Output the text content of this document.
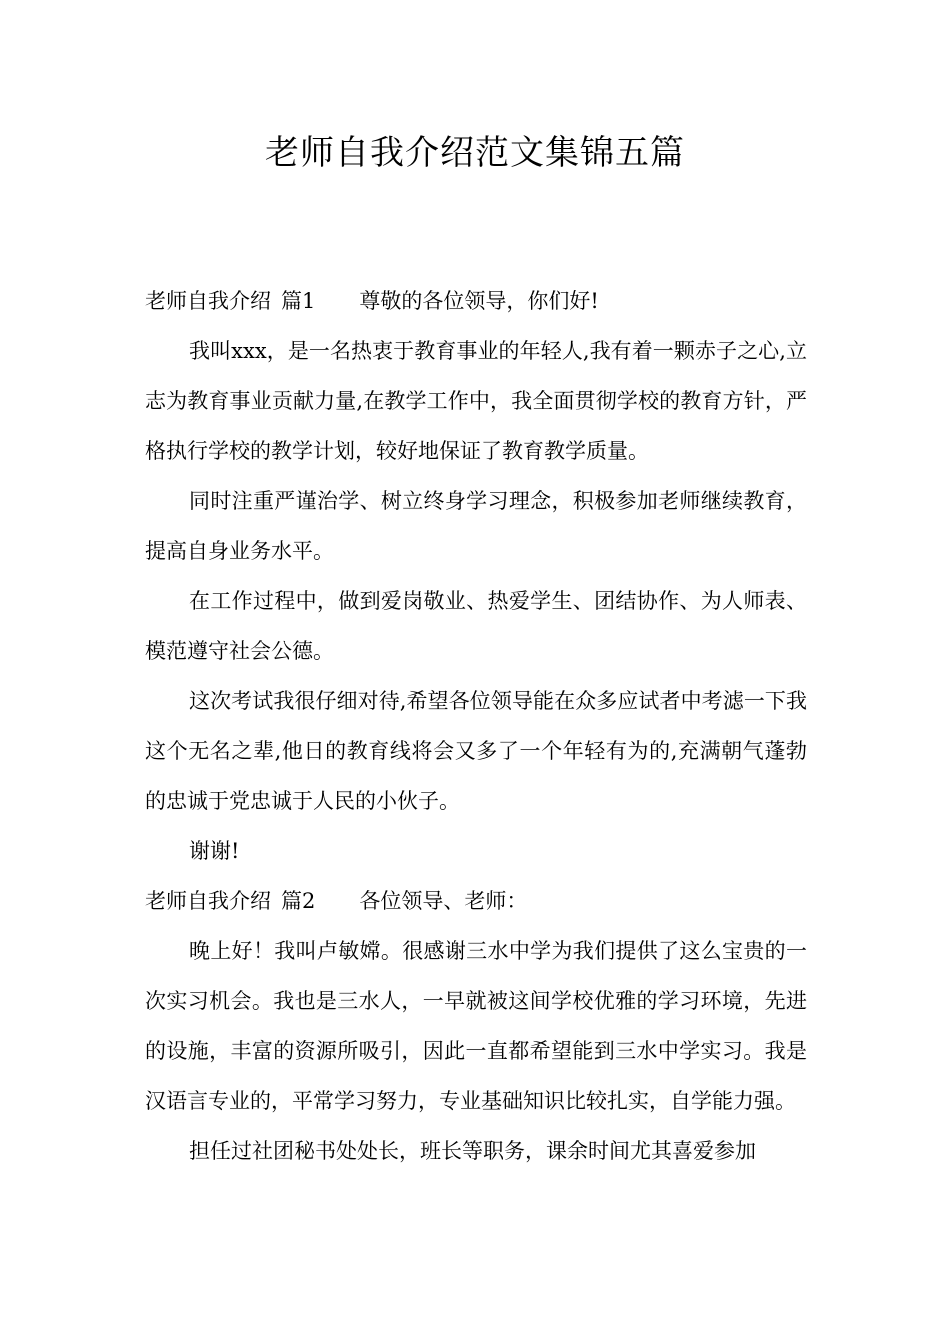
老师自我介绍范文集锦五篇

老师自我介绍 篇1 尊敬的各位领导，你们好!

我叫xxx，是一名热衷于教育事业的年轻人,我有着一颗赤子之心,立志为教育事业贡献力量,在教学工作中，我全面贯彻学校的教育方针，严格执行学校的教学计划，较好地保证了教育教学质量。

同时注重严谨治学、树立终身学习理念，积极参加老师继续教育，提高自身业务水平。

在工作过程中，做到爱岗敬业、热爱学生、团结协作、为人师表、模范遵守社会公德。

这次考试我很仔细对待,希望各位领导能在众多应试者中考滤一下我这个无名之辈,他日的教育线将会又多了一个年轻有为的,充满朝气蓬勃的忠诚于党忠诚于人民的小伙子。

谢谢!

老师自我介绍 篇2 各位领导、老师：

晚上好！我叫卢敏嫦。很感谢三水中学为我们提供了这么宝贵的一次实习机会。我也是三水人，一早就被这间学校优雅的学习环境，先进的设施，丰富的资源所吸引，因此一直都希望能到三水中学实习。我是汉语言专业的，平常学习努力，专业基础知识比较扎实，自学能力强。

担任过社团秘书处处长，班长等职务，课余时间尤其喜爱参加
